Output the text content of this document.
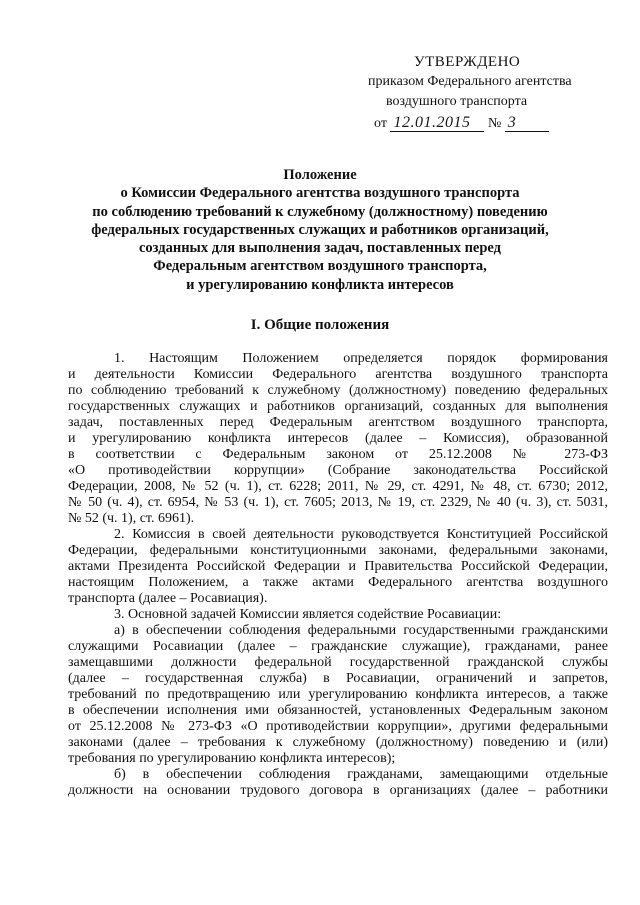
УТВЕРЖДЕНО
приказом Федерального агентства
воздушного транспорта
от 12.01.2015 № 3
Положение
о Комиссии Федерального агентства воздушного транспорта
по соблюдению требований к служебному (должностному) поведению
федеральных государственных служащих и работников организаций,
созданных для выполнения задач, поставленных перед
Федеральным агентством воздушного транспорта,
и урегулированию конфликта интересов
I. Общие положения

1. Настоящим Положением определяется порядок формирования

и деятельности Комиссии Федерального агентства воздушного транспорта

по соблюдению требований к служебному (должностному) поведению федеральных

государственных служащих и работников организаций, созданных для выполнения

задач, поставленных перед Федеральным агентством воздушного транспорта,

и урегулированию конфликта интересов (далее – Комиссия), образованной

в соответствии с Федеральным законом от 25.12.2008 № 273-ФЗ

«О противодействии коррупции» (Собрание законодательства Российской

Федерации, 2008, № 52 (ч. 1), ст. 6228; 2011, № 29, ст. 4291, № 48, ст. 6730; 2012,

№ 50 (ч. 4), ст. 6954, № 53 (ч. 1), ст. 7605; 2013, № 19, ст. 2329, № 40 (ч. 3), ст. 5031,

№ 52 (ч. 1), ст. 6961).

2. Комиссия в своей деятельности руководствуется Конституцией Российской

Федерации, федеральными конституционными законами, федеральными законами,

актами Президента Российской Федерации и Правительства Российской Федерации,

настоящим Положением, а также актами Федерального агентства воздушного

транспорта (далее – Росавиация).

3. Основной задачей Комиссии является содействие Росавиации:

а) в обеспечении соблюдения федеральными государственными гражданскими

служащими Росавиации (далее – гражданские служащие), гражданами, ранее

замещавшими должности федеральной государственной гражданской службы

(далее – государственная служба) в Росавиации, ограничений и запретов,

требований по предотвращению или урегулированию конфликта интересов, а также

в обеспечении исполнения ими обязанностей, установленных Федеральным законом

от 25.12.2008 № 273-ФЗ «О противодействии коррупции», другими федеральными

законами (далее – требования к служебному (должностному) поведению и (или)

требования по урегулированию конфликта интересов);

б) в обеспечении соблюдения гражданами, замещающими отдельные

должности на основании трудового договора в организациях (далее – работники
